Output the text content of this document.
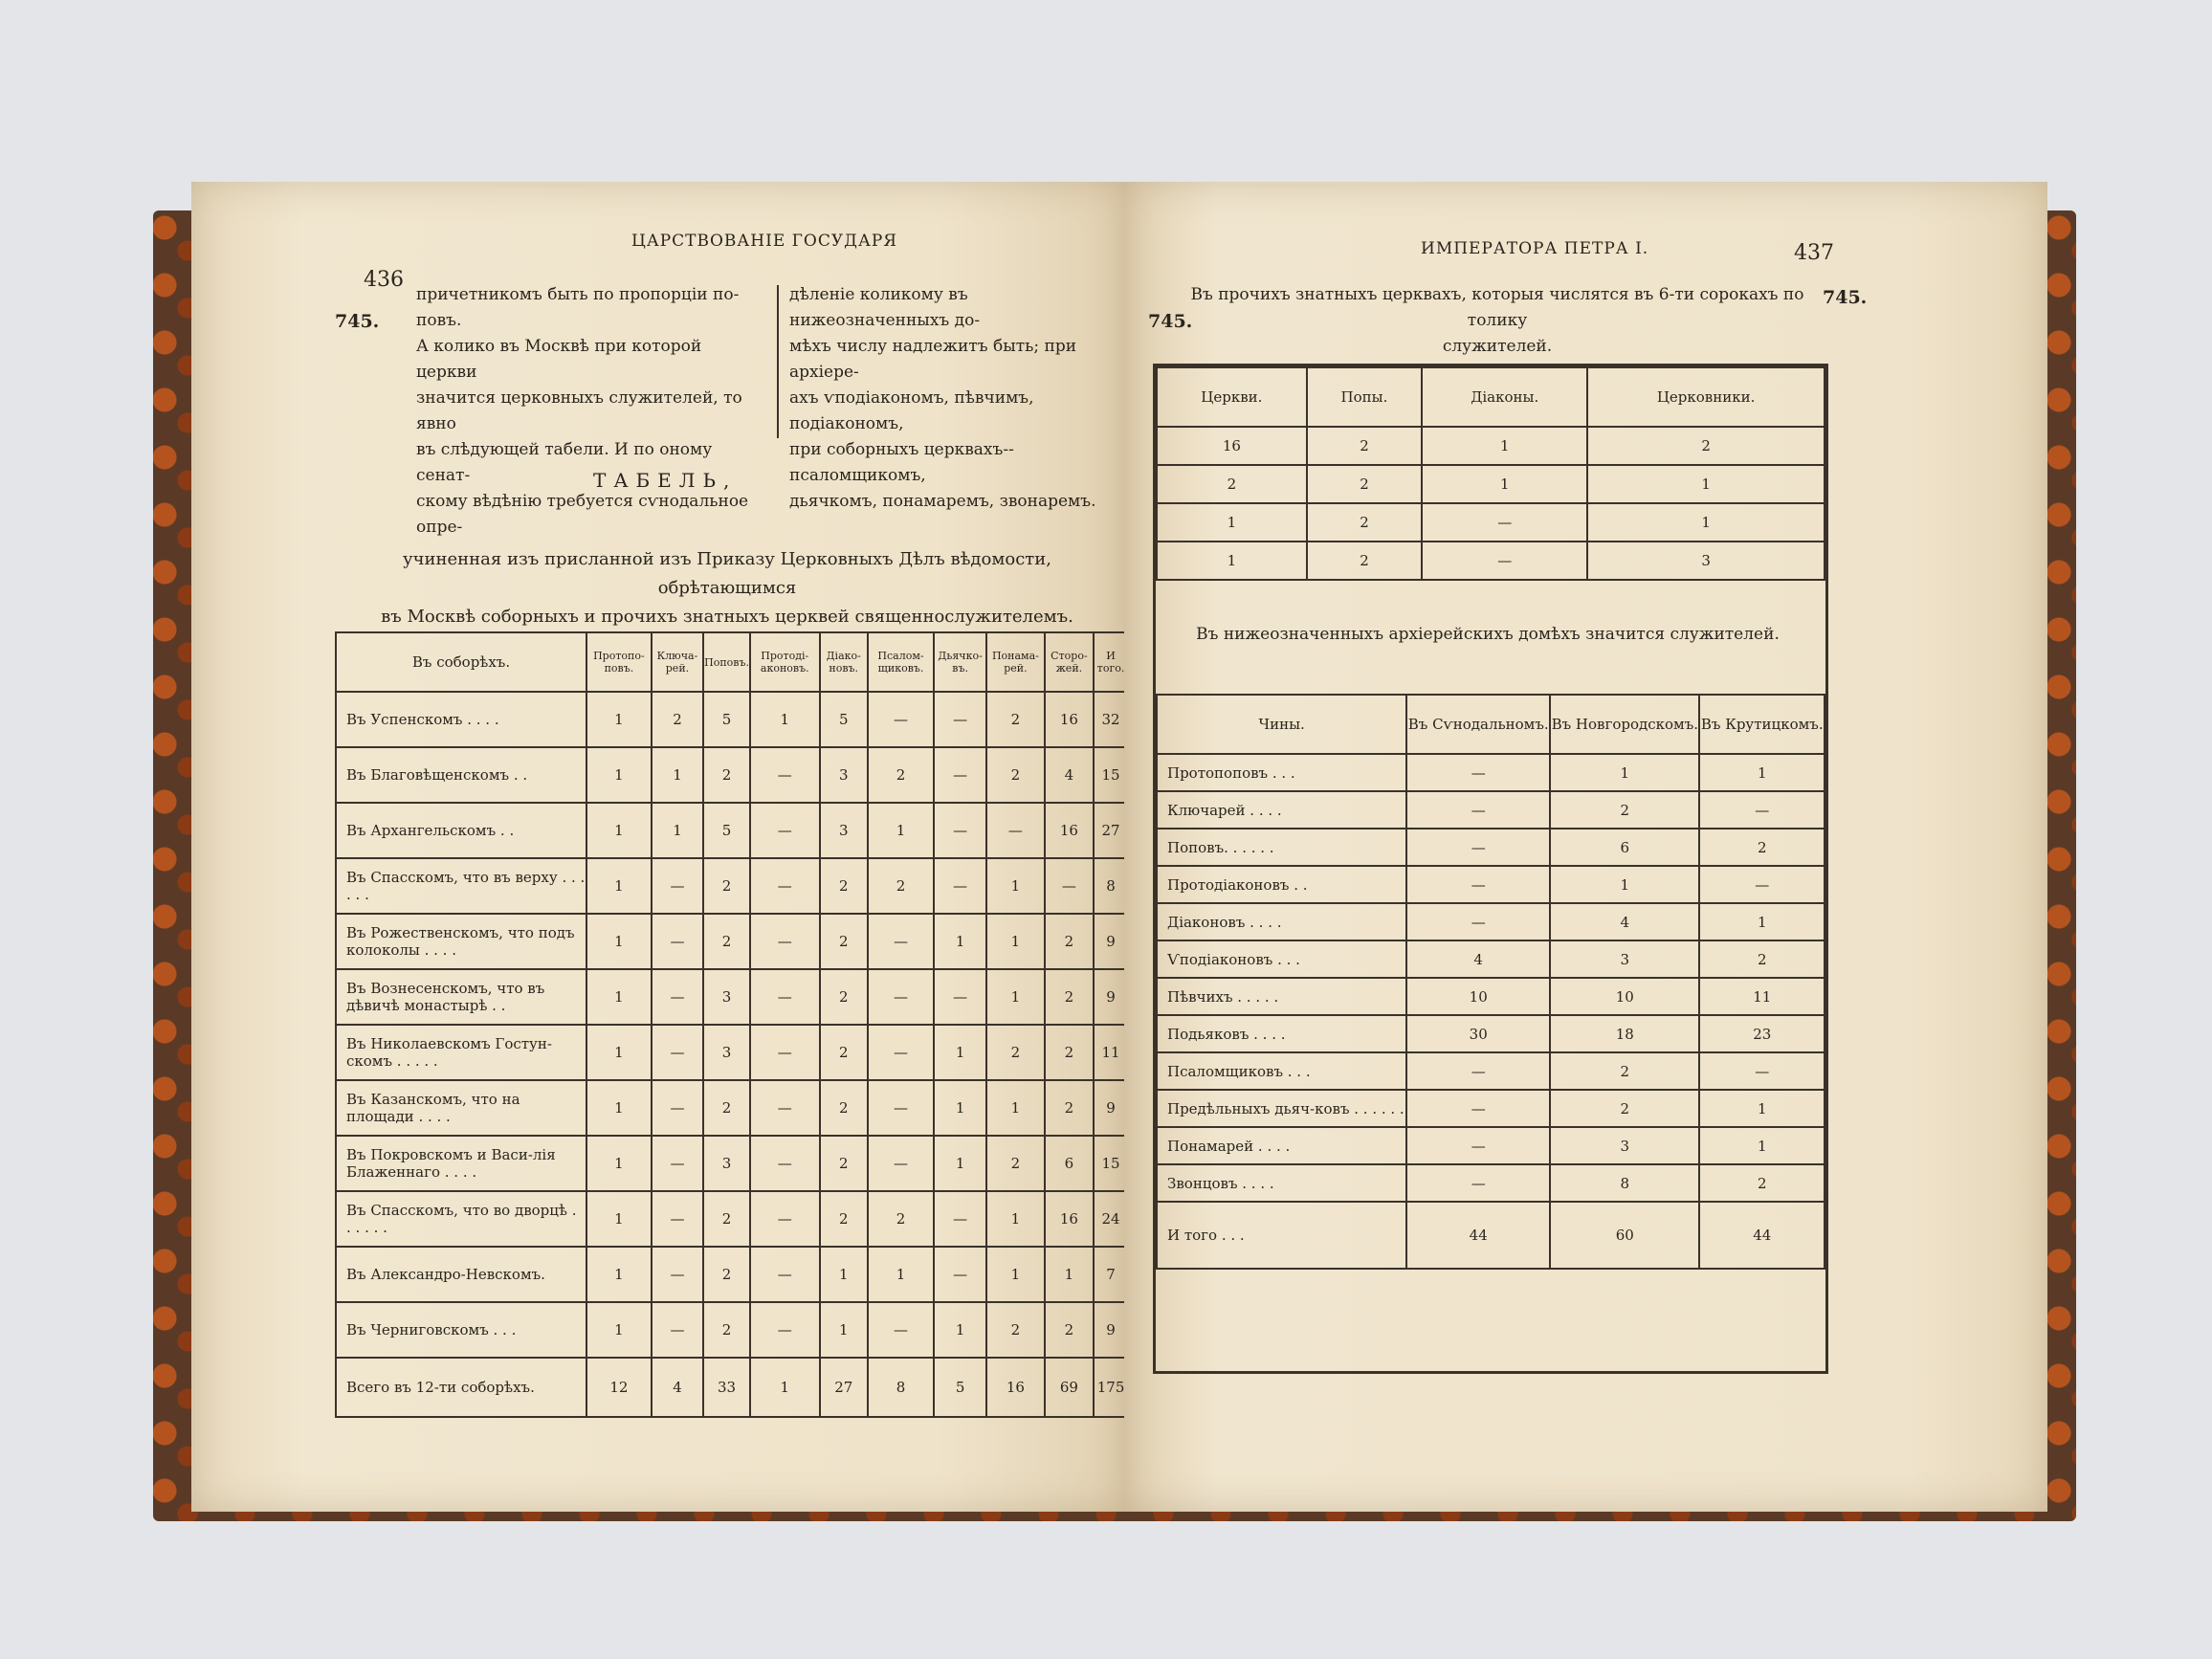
436
ЦАРСТВОВАНІЕ ГОСУДАРЯ
745.
причетникомъ быть по пропорціи по-
повъ.
А колико въ Москвѣ при которой церкви
значится церковныхъ служителей, то явно
въ слѣдующей табели. И по оному сенат-
скому вѣдѣнію требуется сѵнодальное опре-
дѣленіе коликому въ нижеозначенныхъ до-
мѣхъ числу надлежитъ быть; при архіере-
ахъ ѵподіакономъ, пѣвчимъ, подіакономъ,
при соборныхъ церквахъ--псаломщикомъ,
дьячкомъ, понамаремъ, звонаремъ.
ТАБЕЛЬ,
учиненная изъ присланной изъ Приказу Церковныхъ Дѣлъ вѣдомости, обрѣтающимся
въ Москвѣ соборныхъ и прочихъ знатныхъ церквей священнослужителемъ.
Въ соборѣхъ.	Протопо-повъ.	Ключа-рей.	Поповъ.	Протоді-аконовъ.	Діако-новъ.	Псалом-щиковъ.	Дьячко-въ.	Понама-рей.	Сторо-жей.	И того.
Въ Успенскомъ . . . .	1	2	5	1	5	—	—	2	16	32
Въ Благовѣщенскомъ . .	1	1	2	—	3	2	—	2	4	15
Въ Архангельскомъ . .	1	1	5	—	3	1	—	—	16	27
Въ Спасскомъ, что въ верху . . . . . .	1	—	2	—	2	2	—	1	—	8
Въ Рожественскомъ, что подъ колоколы . . . .	1	—	2	—	2	—	1	1	2	9
Въ Вознесенскомъ, что въ дѣвичѣ монастырѣ . .	1	—	3	—	2	—	—	1	2	9
Въ Николаевскомъ Гостун-скомъ . . . . .	1	—	3	—	2	—	1	2	2	11
Въ Казанскомъ, что на площади . . . .	1	—	2	—	2	—	1	1	2	9
Въ Покровскомъ и Васи-лія Блаженнаго . . . .	1	—	3	—	2	—	1	2	6	15
Въ Спасскомъ, что во дворцѣ . . . . . .	1	—	2	—	2	2	—	1	16	24
Въ Александро-Невскомъ.	1	—	2	—	1	1	—	1	1	7
Въ Черниговскомъ . . .	1	—	2	—	1	—	1	2	2	9
Всего въ 12-ти соборѣхъ.	12	4	33	1	27	8	5	16	69	175
ИМПЕРАТОРА ПЕТРА I.	437
745.
745.
Въ прочихъ знатныхъ церквахъ, которыя числятся въ 6-ти сорокахъ по толику
служителей.
Церкви.	Попы.	Діаконы.	Церковники.
16	2	1	2
2	2	1	1
1	2	—	1
1	2	—	3
Въ нижеозначенныхъ архіерейскихъ домѣхъ значится служителей.
Чины.	Въ Сѵнодальномъ.	Въ Новгородскомъ.	Въ Крутицкомъ.
Протопоповъ . . .	—	1	1
Ключарей . . . .	—	2	—
Поповъ. . . . . .	—	6	2
Протодіаконовъ . .	—	1	—
Діаконовъ . . . .	—	4	1
Ѵподіаконовъ . . .	4	3	2
Пѣвчихъ . . . . .	10	10	11
Подьяковъ . . . .	30	18	23
Псаломщиковъ . . .	—	2	—
Предѣльныхъ дьяч-ковъ . . . . . .	—	2	1
Понамарей . . . .	—	3	1
Звонцовъ . . . .	—	8	2
И того . . .	44	60	44
